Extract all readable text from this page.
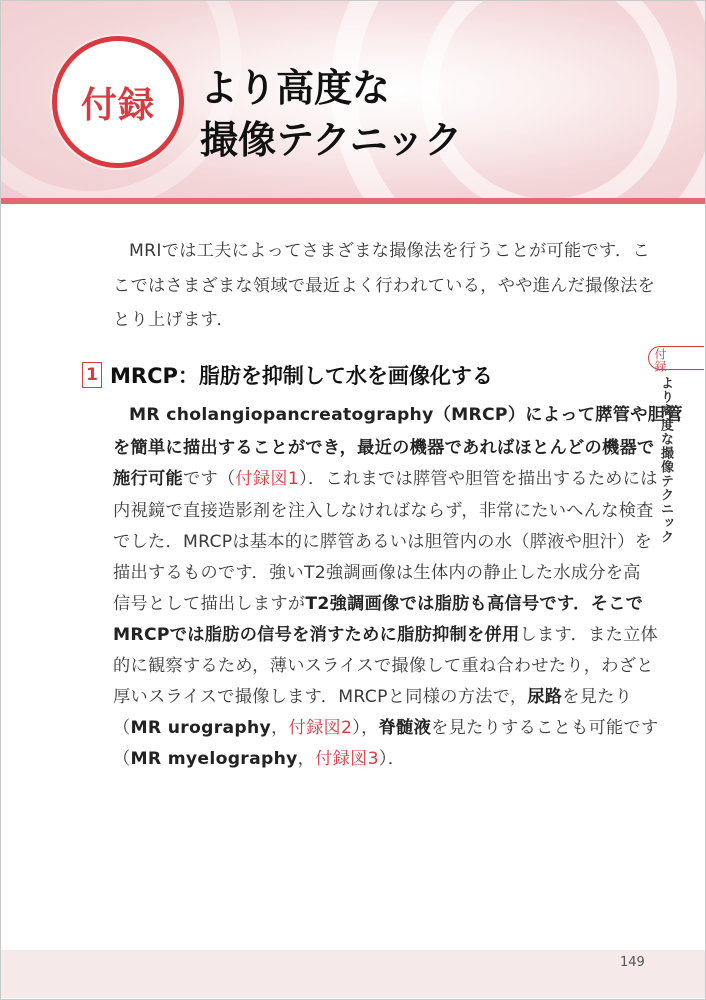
付録 より高度な
撮像テクニック
MRIでは工夫によってさまざまな撮像法を行うことが可能です．こ
こではさまざまな領域で最近よく行われている，やや進んだ撮像法を
とり上げます．
1 MRCP：脂肪を抑制して水を画像化する
MR cholangiopancreatography（MRCP）によって膵管や胆管
を簡単に描出することができ，最近の機器であればほとんどの機器で
施行可能です（付録図1）．これまでは膵管や胆管を描出するためには
内視鏡で直接造影剤を注入しなければならず，非常にたいへんな検査
でした．MRCPは基本的に膵管あるいは胆管内の水（膵液や胆汁）を
描出するものです．強いT2強調画像は生体内の静止した水成分を高
信号として描出しますがT2強調画像では脂肪も高信号です．そこで
MRCPでは脂肪の信号を消すために脂肪抑制を併用します．また立体
的に観察するため，薄いスライスで撮像して重ね合わせたり，わざと
厚いスライスで撮像します．MRCPと同様の方法で，尿路を見たり
（MR urography，付録図2），脊髄液を見たりすることも可能です
（MR myelography，付録図3）．
付録
より高度な撮像テクニック
149
